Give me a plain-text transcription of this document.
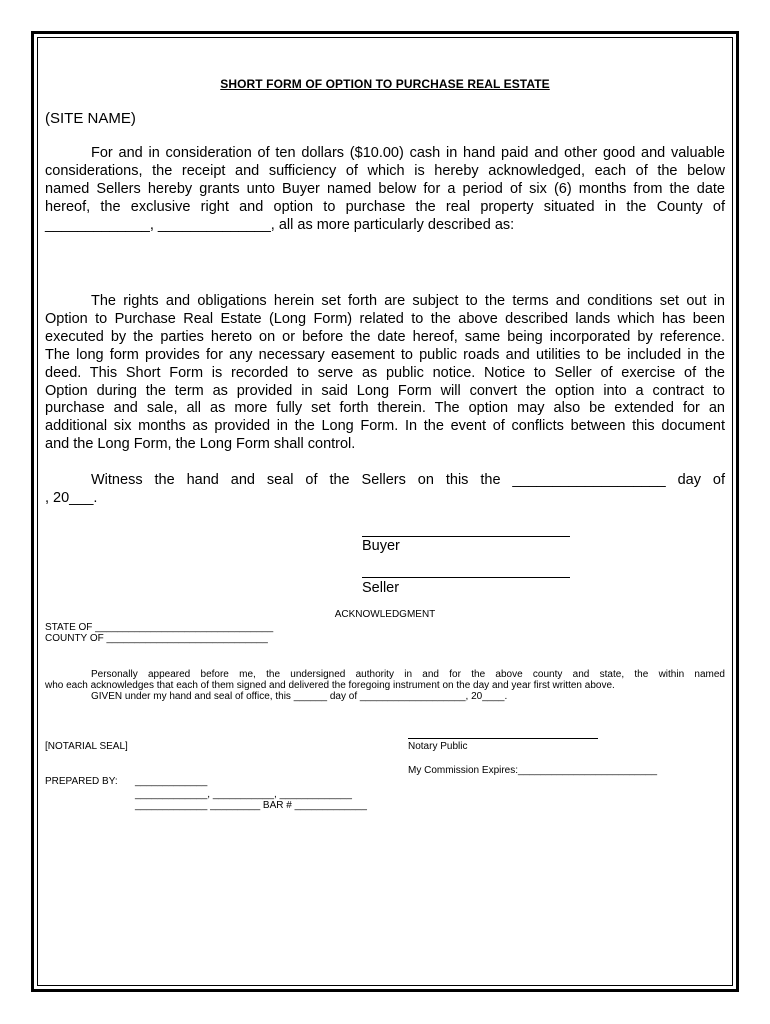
SHORT FORM OF OPTION TO PURCHASE REAL ESTATE
(SITE NAME)
For and in consideration of ten dollars ($10.00) cash in hand paid and other good and valuable
considerations, the receipt and sufficiency of which is hereby acknowledged, each of the below
named Sellers hereby grants unto Buyer named below for a period of six (6) months from the date
hereof, the exclusive right and option to purchase the real property situated in the County of
_____________, ______________, all as more particularly described as:
The rights and obligations herein set forth are subject to the terms and conditions set out in
Option to Purchase Real Estate (Long Form) related to the above described lands which has been
executed by the parties hereto on or before the date hereof, same being incorporated by reference.
The long form provides for any necessary easement to public roads and utilities to be included in the
deed. This Short Form is recorded to serve as public notice. Notice to Seller of exercise of the
Option during the term as provided in said Long Form will convert the option into a contract to
purchase and sale, all as more fully set forth therein. The option may also be extended for an
additional six months as provided in the Long Form. In the event of conflicts between this document
and the Long Form, the Long Form shall control.
Witness the hand and seal of the Sellers on this the ___________________ day of
, 20___.
Buyer
Seller
ACKNOWLEDGMENT
STATE OF ________________________________
COUNTY OF _____________________________
Personally appeared before me, the undersigned authority in and for the above county and state, the within named
who each acknowledges that each of them signed and delivered the foregoing instrument on the day and year first written above.
GIVEN under my hand and seal of office, this ______ day of ___________________, 20____.
[NOTARIAL SEAL]	Notary Public
My Commission Expires:_________________________
PREPARED BY: _____________
_____________, ___________, _____________
_____________ _________ BAR # _____________
